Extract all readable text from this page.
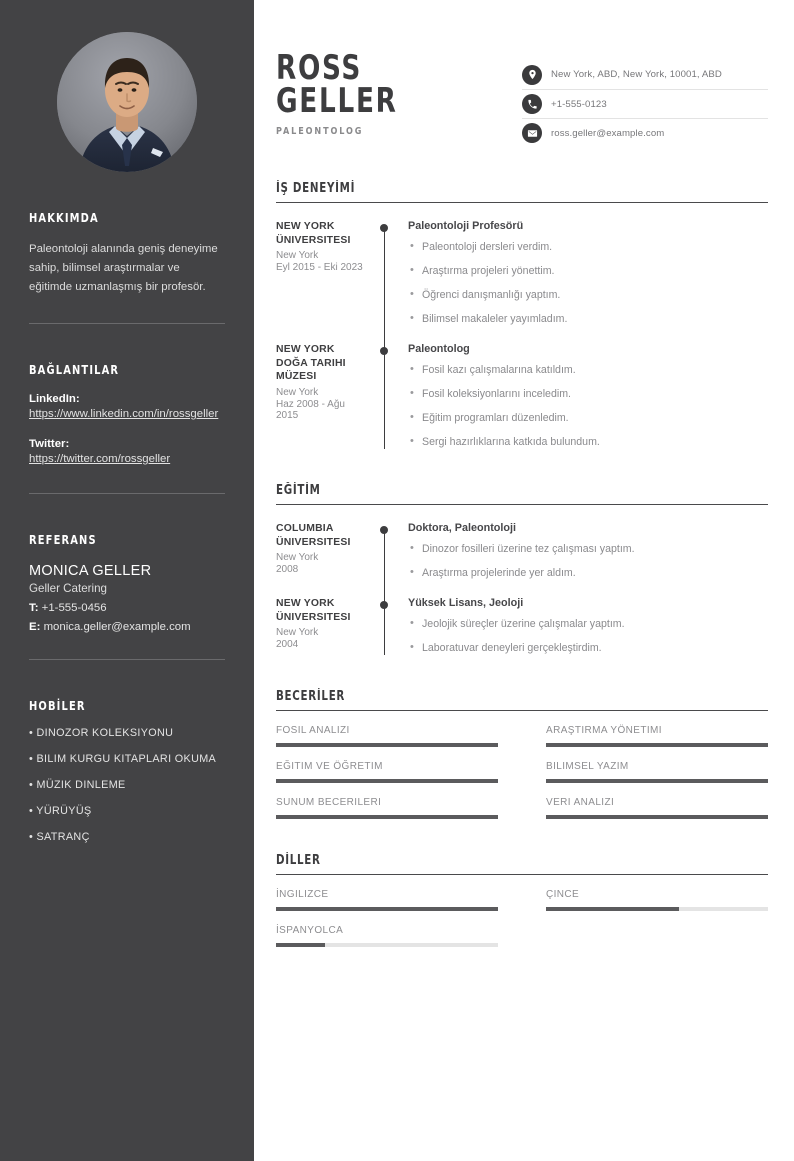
HAKKIMDA
Paleontoloji alanında geniş deneyime sahip, bilimsel araştırmalar ve eğitimde uzmanlaşmış bir profesör.
BAĞLANTILAR
LinkedIn:
https://www.linkedin.com/in/rossgeller
Twitter:
https://twitter.com/rossgeller
REFERANS
MONICA GELLER
Geller Catering
T: +1-555-0456
E: monica.geller@example.com
HOBİLER
• DINOZOR KOLEKSIYONU
• BILIM KURGU KITAPLARI OKUMA
• MÜZIK DINLEME
• YÜRÜYÜŞ
• SATRANÇ
ROSS
GELLER
PALEONTOLOG
New York, ABD, New York, 10001, ABD
+1-555-0123
ross.geller@example.com
İŞ DENEYİMİ
NEW YORK ÜNIVERSITESI
New York
Eyl 2015 - Eki 2023
Paleontoloji Profesörü
• Paleontoloji dersleri verdim.
• Araştırma projeleri yönettim.
• Öğrenci danışmanlığı yaptım.
• Bilimsel makaleler yayımladım.
NEW YORK DOĞA TARIHI MÜZESI
New York
Haz 2008 - Ağu 2015
Paleontolog
• Fosil kazı çalışmalarına katıldım.
• Fosil koleksiyonlarını inceledim.
• Eğitim programları düzenledim.
• Sergi hazırlıklarına katkıda bulundum.
EĞİTİM
COLUMBIA ÜNIVERSITESI
New York
2008
Doktora, Paleontoloji
• Dinozor fosilleri üzerine tez çalışması yaptım.
• Araştırma projelerinde yer aldım.
NEW YORK ÜNIVERSITESI
New York
2004
Yüksek Lisans, Jeoloji
• Jeolojik süreçler üzerine çalışmalar yaptım.
• Laboratuvar deneyleri gerçekleştirdim.
BECERİLER
FOSIL ANALIZI	ARAŞTIRMA YÖNETIMI
EĞITIM VE ÖĞRETIM	BILIMSEL YAZIM
SUNUM BECERILERI	VERI ANALIZI
DİLLER
İNGILIZCE	ÇINCE
İSPANYOLCA
